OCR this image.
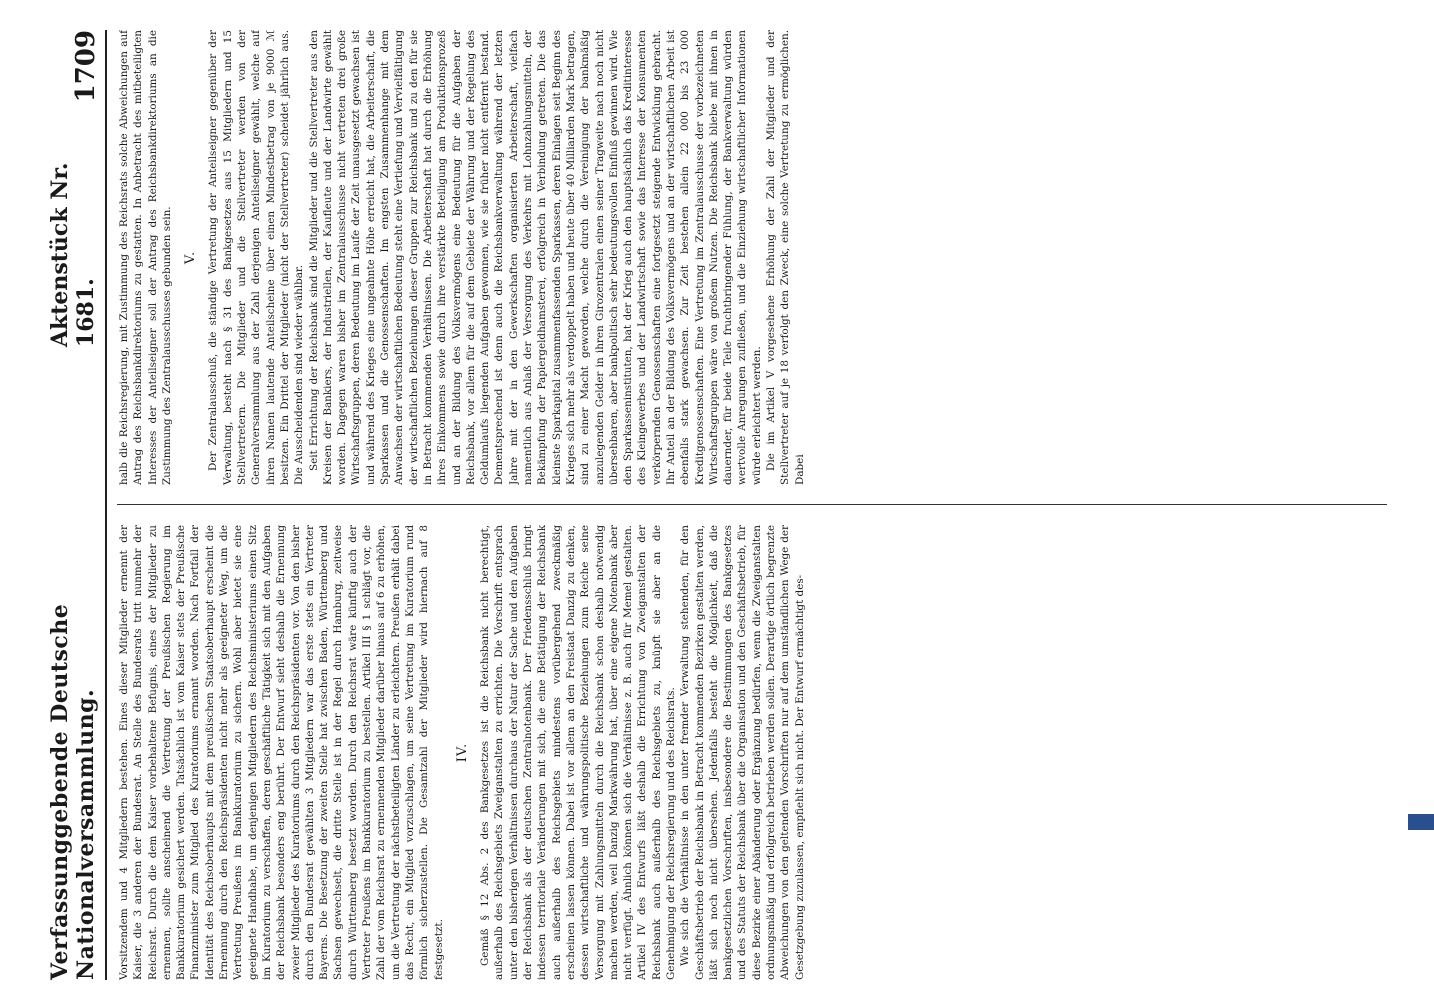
Verfassunggebende Deutsche Nationalversammlung.
Aktenstück Nr. 1681.
1709

Vorsitzendem und 4 Mitgliedern bestehen. Eines dieser Mitglieder ernennt der Kaiser, die 3 anderen der Bundesrat. An Stelle des Bundesrats tritt nunmehr der Reichsrat. Durch die dem Kaiser vorbehaltene Befugnis, eines der Mitglieder zu ernennen, sollte anscheinend die Vertretung der Preußischen Regierung im Bankkuratorium gesichert werden. Tatsächlich ist vom Kaiser stets der Preußische Finanzminister zum Mitglied des Kuratoriums ernannt worden. Nach Fortfall der Identität des Reichsoberhaupts mit dem preußischen Staatsoberhaupt erscheint die Ernennung durch den Reichspräsidenten nicht mehr als geeigneter Weg, um die Vertretung Preußens im Bankkuratorium zu sichern. Wohl aber bietet sie eine geeignete Handhabe, um denjenigen Mitgliedern des Reichsministeriums einen Sitz im Kuratorium zu verschaffen, deren geschäftliche Tätigkeit sich mit den Aufgaben der Reichsbank besonders eng berührt. Der Entwurf sieht deshalb die Ernennung zweier Mitglieder des Kuratoriums durch den Reichspräsidenten vor. Von den bisher durch den Bundesrat gewählten 3 Mitgliedern war das erste stets ein Vertreter Bayerns. Die Besetzung der zweiten Stelle hat zwischen Baden, Württemberg und Sachsen gewechselt, die dritte Stelle ist in der Regel durch Hamburg, zeitweise durch Württemberg besetzt worden. Durch den Reichsrat wäre künftig auch der Vertreter Preußens im Bankkuratorium zu bestellen. Artikel III § 1 schlägt vor, die Zahl der vom Reichsrat zu ernennenden Mitglieder darüber hinaus auf 6 zu erhöhen, um die Vertretung der nächstbeteiligten Länder zu erleichtern. Preußen erhält dabei das Recht, ein Mitglied vorzuschlagen, um seine Vertretung im Kuratorium rund förmlich sicherzustellen. Die Gesamtzahl der Mitglieder wird hiernach auf 8 festgesetzt.

IV. Gemäß § 12 Abs. 2 des Bankgesetzes ist die Reichsbank nicht berechtigt, außerhalb des Reichsgebiets Zweiganstalten zu errichten. Die Vorschrift entsprach unter den bisherigen Verhältnissen durchaus der Natur der Sache und den Aufgaben der Reichsbank als der deutschen Zentralnotenbank. Der Friedensschluß bringt indessen territoriale Veränderungen mit sich, die eine Betätigung der Reichsbank auch außerhalb des Reichsgebiets mindestens vorübergehend zweckmäßig erscheinen lassen können. Dabei ist vor allem an den Freistaat Danzig zu denken, dessen wirtschaftliche und währungspolitische Beziehungen zum Reiche seine Versorgung mit Zahlungsmitteln durch die Reichsbank schon deshalb notwendig machen werden, weil Danzig Markwährung hat, über eine eigene Notenbank aber nicht verfügt. Ähnlich können sich die Verhältnisse z. B. auch für Memel gestalten. Artikel IV des Entwurfs läßt deshalb die Errichtung von Zweiganstalten der Reichsbank auch außerhalb des Reichsgebiets zu, knüpft sie aber an die Genehmigung der Reichsregierung und des Reichsrats. Wie sich die Verhältnisse in den unter fremder Verwaltung stehenden, für den Geschäftsbetrieb der Reichsbank in Betracht kommenden Bezirken gestalten werden, läßt sich noch nicht übersehen. Jedenfalls besteht die Möglichkeit, daß die bankgesetzlichen Vorschriften, insbesondere die Bestimmungen des Bankgesetzes und des Statuts der Reichsbank über die Organisation und den Geschäftsbetrieb, für diese Bezirke einer Abänderung oder Ergänzung bedürfen, wenn die Zweiganstalten ordnungsmäßig und erfolgreich betrieben werden sollen. Derartige örtlich begrenzte Abweichungen von den geltenden Vorschriften nur auf dem umständlichen Wege der Gesetzgebung zuzulassen, empfiehlt sich nicht. Der Entwurf ermächtigt des-

halb die Reichsregierung, mit Zustimmung des Reichsrats solche Abweichungen auf Antrag des Reichsbankdirektoriums zu gestatten. In Anbetracht des mitbeteiligten Interesses der Anteilseigner soll der Antrag des Reichsbankdirektoriums an die Zustimmung des Zentralausschusses gebunden sein. V. Der Zentralausschuß, die ständige Vertretung der Anteilseigner gegenüber der Verwaltung, besteht nach § 31 des Bankgesetzes aus 15 Mitgliedern und 15 Stellvertretern. Die Mitglieder und die Stellvertreter werden von der Generalversammlung aus der Zahl derjenigen Anteilseigner gewählt, welche auf ihren Namen lautende Anteilscheine über einen Mindestbetrag von je 9000 ℳ besitzen. Ein Drittel der Mitglieder (nicht der Stellvertreter) scheidet jährlich aus. Die Ausscheidenden sind wieder wählbar. Seit Errichtung der Reichsbank sind die Mitglieder und die Stellvertreter aus den Kreisen der Bankiers, der Industriellen, der Kaufleute und der Landwirte gewählt worden. Dagegen waren bisher im Zentralausschusse nicht vertreten drei große Wirtschaftsgruppen, deren Bedeutung im Laufe der Zeit unausgesetzt gewachsen ist und während des Krieges eine ungeahnte Höhe erreicht hat, die Arbeiterschaft, die Sparkassen und die Genossenschaften. Im engsten Zusammenhange mit dem Anwachsen der wirtschaftlichen Bedeutung steht eine Vertiefung und Vervielfältigung der wirtschaftlichen Beziehungen dieser Gruppen zur Reichsbank und zu den für sie in Betracht kommenden Verhältnissen. Die Arbeiterschaft hat durch die Erhöhung ihres Einkommens sowie durch ihre verstärkte Beteiligung am Produktionsprozeß und an der Bildung des Volksvermögens eine Bedeutung für die Aufgaben der Reichsbank, vor allem für die auf dem Gebiete der Währung und der Regelung des Geldumlaufs liegenden Aufgaben gewonnen, wie sie früher nicht entfernt bestand. Dementsprechend ist denn auch die Reichsbankverwaltung während der letzten Jahre mit der in den Gewerkschaften organisierten Arbeiterschaft, vielfach namentlich aus Anlaß der Versorgung des Verkehrs mit Lohnzahlungsmitteln, der Bekämpfung der Papiergeldhamsterei, erfolgreich in Verbindung getreten. Die das kleinste Sparkapital zusammenfassenden Sparkassen, deren Einlagen seit Beginn des Krieges sich mehr als verdoppelt haben und heute über 40 Milliarden Mark betragen, sind zu einer Macht geworden, welche durch die Vereinigung der bankmäßig anzulegenden Gelder in ihren Girozentralen einen seiner Tragweite nach noch nicht übersehbaren, aber bankpolitisch sehr bedeutungsvollen Einfluß gewinnen wird. Wie den Sparkasseninstituten, hat der Krieg auch den hauptsächlich das Kreditinteresse des Kleingewerbes und der Landwirtschaft sowie das Interesse der Konsumenten verkörpernden Genossenschaften eine fortgesetzt steigende Entwicklung gebracht. Ihr Anteil an der Bildung des Volksvermögens und an der wirtschaftlichen Arbeit ist ebenfalls stark gewachsen. Zur Zeit bestehen allein 22 000 bis 23 000 Kreditgenossenschaften. Eine Vertretung im Zentralausschusse der vorbezeichneten Wirtschaftsgruppen wäre von großem Nutzen. Die Reichsbank bliebe mit ihnen in dauernder, für beide Teile fruchtbringender Fühlung, der Bankverwaltung würden wertvolle Anregungen zufließen, und die Einziehung wirtschaftlicher Informationen würde erleichtert werden. Die im Artikel V vorgesehene Erhöhung der Zahl der Mitglieder und der Stellvertreter auf je 18 verfolgt den Zweck, eine solche Vertretung zu ermöglichen. Dabei
